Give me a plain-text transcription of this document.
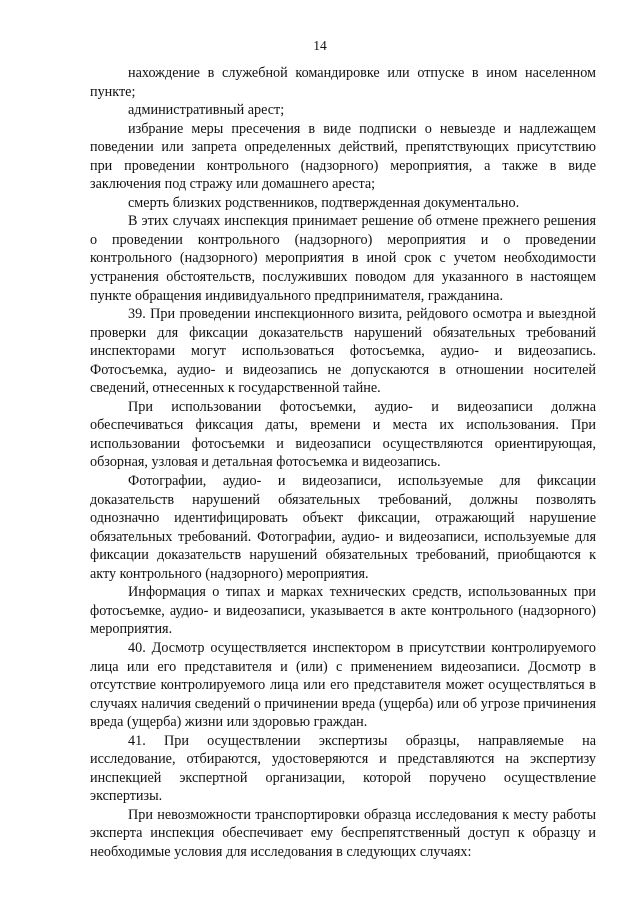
14

нахождение в служебной командировке или отпуске в ином населенном пункте;

административный арест;

избрание меры пресечения в виде подписки о невыезде и надлежащем поведении или запрета определенных действий, препятствующих присутствию при проведении контрольного (надзорного) мероприятия, а также в виде заключения под стражу или домашнего ареста;

смерть близких родственников, подтвержденная документально.

В этих случаях инспекция принимает решение об отмене прежнего решения о проведении контрольного (надзорного) мероприятия и о проведении контрольного (надзорного) мероприятия в иной срок с учетом необходимости устранения обстоятельств, послуживших поводом для указанного в настоящем пункте обращения индивидуального предпринимателя, гражданина.

39. При проведении инспекционного визита, рейдового осмотра и выездной проверки для фиксации доказательств нарушений обязательных требований инспекторами могут использоваться фотосъемка, аудио- и видеозапись. Фотосъемка, аудио- и видеозапись не допускаются в отношении носителей сведений, отнесенных к государственной тайне.

При использовании фотосъемки, аудио- и видеозаписи должна обеспечиваться фиксация даты, времени и места их использования. При использовании фотосъемки и видеозаписи осуществляются ориентирующая, обзорная, узловая и детальная фотосъемка и видеозапись.

Фотографии, аудио- и видеозаписи, используемые для фиксации доказательств нарушений обязательных требований, должны позволять однозначно идентифицировать объект фиксации, отражающий нарушение обязательных требований. Фотографии, аудио- и видеозаписи, используемые для фиксации доказательств нарушений обязательных требований, приобщаются к акту контрольного (надзорного) мероприятия.

Информация о типах и марках технических средств, использованных при фотосъемке, аудио- и видеозаписи, указывается в акте контрольного (надзорного) мероприятия.

40. Досмотр осуществляется инспектором в присутствии контролируемого лица или его представителя и (или) с применением видеозаписи. Досмотр в отсутствие контролируемого лица или его представителя может осуществляться в случаях наличия сведений о причинении вреда (ущерба) или об угрозе причинения вреда (ущерба) жизни или здоровью граждан.

41. При осуществлении экспертизы образцы, направляемые на исследование, отбираются, удостоверяются и представляются на экспертизу инспекцией экспертной организации, которой поручено осуществление экспертизы.

При невозможности транспортировки образца исследования к месту работы эксперта инспекция обеспечивает ему беспрепятственный доступ к образцу и необходимые условия для исследования в следующих случаях:
